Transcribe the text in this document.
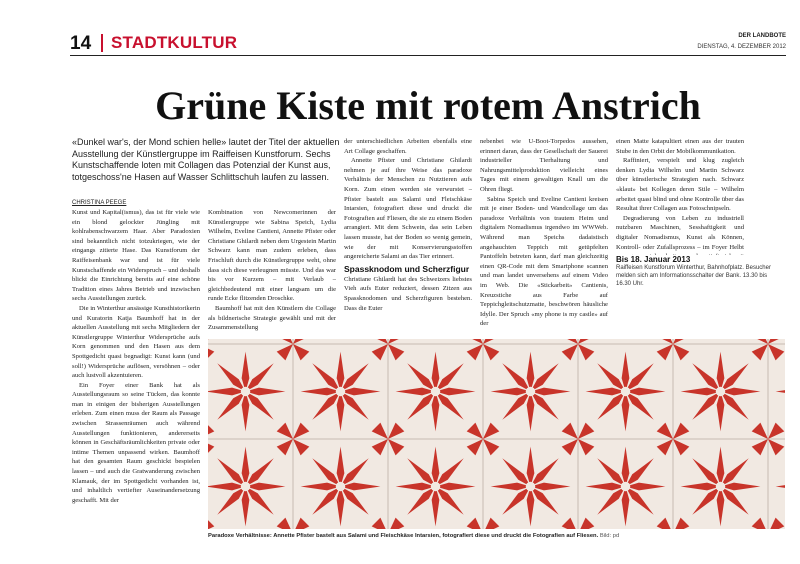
14 STADTKULTUR	DER LANDBOTE
DIENSTAG, 4. DEZEMBER 2012
Grüne Kiste mit rotem Anstrich
«Dunkel war's, der Mond schien helle» lautet der Titel der aktuellen Ausstellung der Künstlergruppe im Raiffeisen Kunstforum. Sechs Kunstschaffende loten mit Collagen das Potenzial der Kunst aus, totgeschoss'ne Hasen auf Wasser Schlittschuh laufen zu lassen.
CHRISTINA PEEGE

Kunst und Kapital(ismus), das ist für viele wie ein blond gelockter Jüngling mit kohlrabenschwarzem Haar. Aber Paradoxien sind bekanntlich nicht totzukriegen, wie der eingangs zitierte Hase. Das Kunstforum der Raiffeisenbank war und ist für viele Kunstschaffende ein Widerspruch – und deshalb blickt die Einrichtung bereits auf eine schöne Tradition eines Jahres Betrieb und inzwischen sechs Ausstellungen zurück.

Die in Winterthur ansässige Kunsthistorikerin und Kuratorin Katja Baumhoff hat in der aktuellen Ausstellung mit sechs Mitgliedern der Künstlergruppe Winterthur Widersprüche aufs Korn genommen und den Hasen aus dem Spottgedicht quasi begnadigt: Kunst kann (und soll!) Widersprüche auflösen, versöhnen – oder auch lustvoll akzentuieren.

Ein Foyer einer Bank hat als Ausstellungsraum so seine Tücken, das konnte man in einigen der bisherigen Ausstellungen erleben. Zum einen muss der Raum als Passage zwischen Strassenräumen auch während Ausstellungen funktionieren, andererseits können in Geschäftsräumlichkeiten private oder intime Themen unpassend wirken. Baumhoff hat den gesamten Raum geschickt bespielen lassen – und auch die Gratwanderung zwischen Klamauk, der im Spottgedicht vorhanden ist, und inhaltlich vertiefter Auseinandersetzung geschafft. Mit der

Kombination von Newcomerinnen der Künstlergruppe wie Sabina Speich, Lydia Wilhelm, Eveline Cantieni, Annette Pfister oder Christiane Ghilardi neben dem Urgestein Martin Schwarz kann man zudem erleben, dass Frischluft durch die Künstlergruppe weht, ohne dass sich diese verleugnen müsste. Und das war bis vor Kurzem – mit Verlaub – gleichbedeutend mit einer langsam um die runde Ecke flitzenden Droschke.

Baumhoff hat mit den Künstlern die Collage als bildnerische Strategie gewählt und mit der Zusammenstellung

der unterschiedlichen Arbeiten ebenfalls eine Art Collage geschaffen.

Annette Pfister und Christiane Ghilardi nehmen je auf ihre Weise das paradoxe Verhältnis der Menschen zu Nutztieren aufs Korn. Zum einen werden sie verwurstet – Pfister bastelt aus Salami und Fleischkäse Intarsien, fotografiert diese und druckt die Fotografien auf Fliesen, die sie zu einem Boden arrangiert. Mit dem Schwein, das sein Leben lassen musste, hat der Boden so wenig gemein, wie der mit Konservierungsstoffen angereicherte Salami an das Tier erinnert.

Spassknodom und Scherzfigur

Christiane Ghilardi hat des Schweizers liebstes Vieh aufs Euter reduziert, dessen Zitzen aus Spassknodomen und Scherzfiguren bestehen. Dass die Euter

nebenbei wie U-Boot-Torpedos aussehen, erinnert daran, dass der Gesellschaft der Sauerei industrieller Tierhaltung und Nahrungsmittelproduktion vielleicht eines Tages mit einem gewaltigen Knall um die Ohren fliegt.

Sabina Speich und Eveline Cantieni kreisen mit je einer Boden- und Wandcollage um das paradoxe Verhältnis von trautem Heim und digitalem Nomadismus irgendwo im WWWeb. Während man Speichs dadaistisch angehauchten Teppich mit getüpfelten Pantoffeln betreten kann, darf man gleichzeitig einen QR-Code mit dem Smartphone scannen und man landet unversehens auf einem Video im Web. Die «Stickarbeit» Cantienis, Kreuzstiche aus Farbe auf Teppichgleitschutzmatte, beschwören häusliche Idylle. Der Spruch «my phone is my castle» auf der

einen Matte katapultiert einen aus der trauten Stube in den Orbit der Mobilkommunikation.

Raffiniert, verspielt und klug zugleich denken Lydia Wilhelm und Martin Schwarz über künstlerische Strategien nach. Schwarz «klaut» bei Kollegen deren Stile – Wilhelm arbeitet quasi blind und ohne Kontrolle über das Resultat ihrer Collagen aus Fotoschnipseln.

Degradierung von Leben zu industriell nutzbaren Maschinen, Sesshaftigkeit und digitaler Nomadismus, Kunst als Können, Kontroll- oder Zufallsprozess – im Foyer Helbt

Bis 18. Januar 2013
Raiffeisen Kunstforum Winterthur, Bahnhofplatz. Besucher melden sich am Informationsschalter der Bank. 13.30 bis 16.30 Uhr.
Paradoxe Verhältnisse: Annette Pfister bastelt aus Salami und Fleischkäse Intarsien, fotografiert diese und druckt die Fotografien auf Fliesen. Bild: pd
